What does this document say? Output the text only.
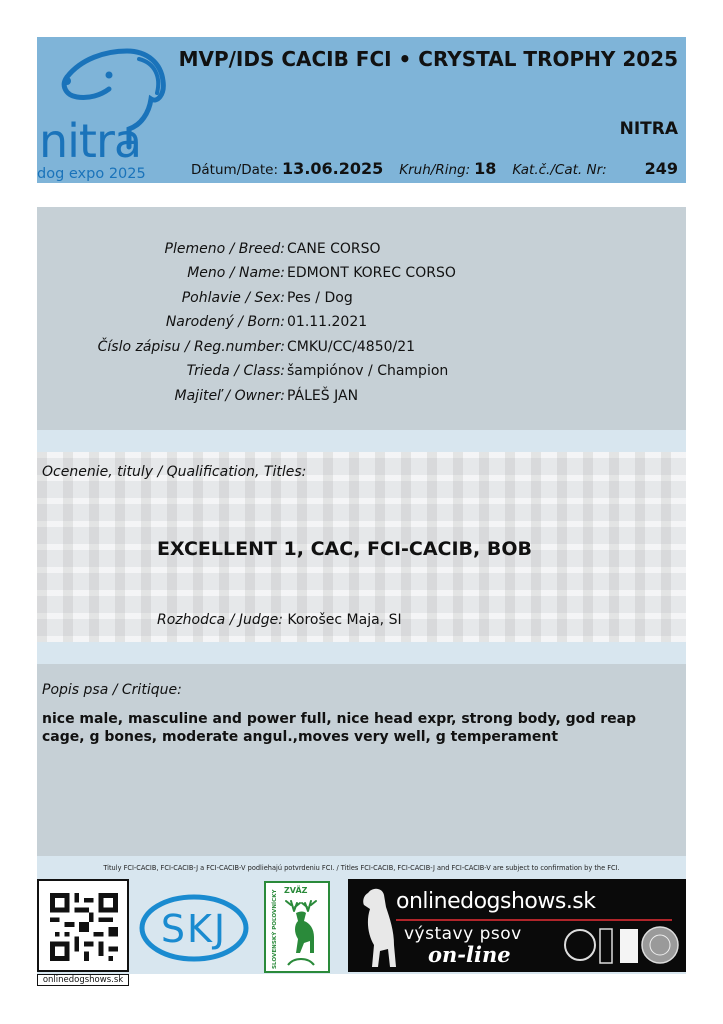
nitra
dog expo 2025
MVP/IDS CACIB FCI • CRYSTAL TROPHY 2025
NITRA
Dátum/Date: 13.06.2025 Kruh/Ring: 18 Kat.č./Cat. Nr: 249
Plemeno / Breed: CANE CORSO
Meno / Name: EDMONT KOREC CORSO
Pohlavie / Sex: Pes / Dog
Narodený / Born: 01.11.2021
Číslo zápisu / Reg.number: CMKU/CC/4850/21
Trieda / Class: šampiónov / Champion
Majiteľ / Owner: PÁLEŠ JAN
Ocenenie, tituly / Qualification, Titles:
EXCELLENT 1, CAC, FCI-CACIB, BOB
Rozhodca / Judge: Korošec Maja, SI
Popis psa / Critique:
nice male, masculine and power full, nice head expr, strong body, god reap cage, g bones, moderate angul.,moves very well, g temperament
Tituly FCI-CACIB, FCI-CACIB-J a FCI-CACIB-V podliehajú potvrdeniu FCI. / Titles FCI-CACIB, FCI-CACIB-J and FCI-CACIB-V are subject to confirmation by the FCI.
onlinedogshows.sk
SKJ
ZVÄZ
SLOVENSKÝ POĽOVNÍCKY	onlinedogshows.sk
výstavy psov
on-line
